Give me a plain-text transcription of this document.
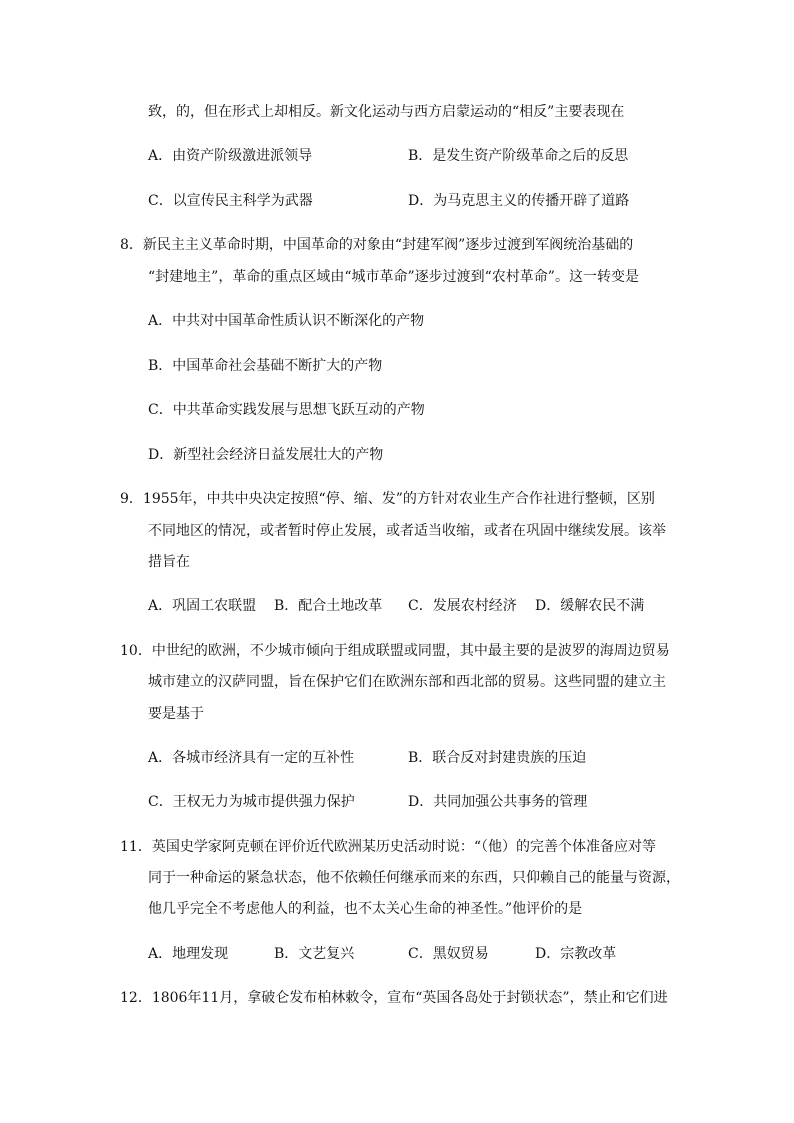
致，的，但在形式上却相反。新文化运动与西方启蒙运动的“相反”主要表现在
A．由资产阶级激进派领导	B．是发生资产阶级革命之后的反思
C．以宣传民主科学为武器	D．为马克思主义的传播开辟了道路
8．新民主主义革命时期，中国革命的对象由“封建军阀”逐步过渡到军阀统治基础的
“封建地主”，革命的重点区域由“城市革命”逐步过渡到“农村革命”。这一转变是
A．中共对中国革命性质认识不断深化的产物
B．中国革命社会基础不断扩大的产物
C．中共革命实践发展与思想飞跃互动的产物
D．新型社会经济日益发展壮大的产物
9．1955年，中共中央决定按照“停、缩、发”的方针对农业生产合作社进行整顿，区别
不同地区的情况，或者暂时停止发展，或者适当收缩，或者在巩固中继续发展。该举
措旨在
A．巩固工农联盟 B．配合土地改革 C．发展农村经济 D．缓解农民不满
10．中世纪的欧洲，不少城市倾向于组成联盟或同盟，其中最主要的是波罗的海周边贸易
城市建立的汉萨同盟，旨在保护它们在欧洲东部和西北部的贸易。这些同盟的建立主
要是基于
A．各城市经济具有一定的互补性	B．联合反对封建贵族的压迫
C．王权无力为城市提供强力保护	D．共同加强公共事务的管理
11．英国史学家阿克顿在评价近代欧洲某历史活动时说：“（他）的完善个体准备应对等
同于一种命运的紧急状态，他不依赖任何继承而来的东西，只仰赖自己的能量与资源，
他几乎完全不考虑他人的利益，也不太关心生命的神圣性。”他评价的是
A．地理发现	B．文艺复兴	C．黑奴贸易	D．宗教改革
12．1806年11月，拿破仑发布柏林敕令，宣布“英国各岛处于封锁状态”，禁止和它们进
